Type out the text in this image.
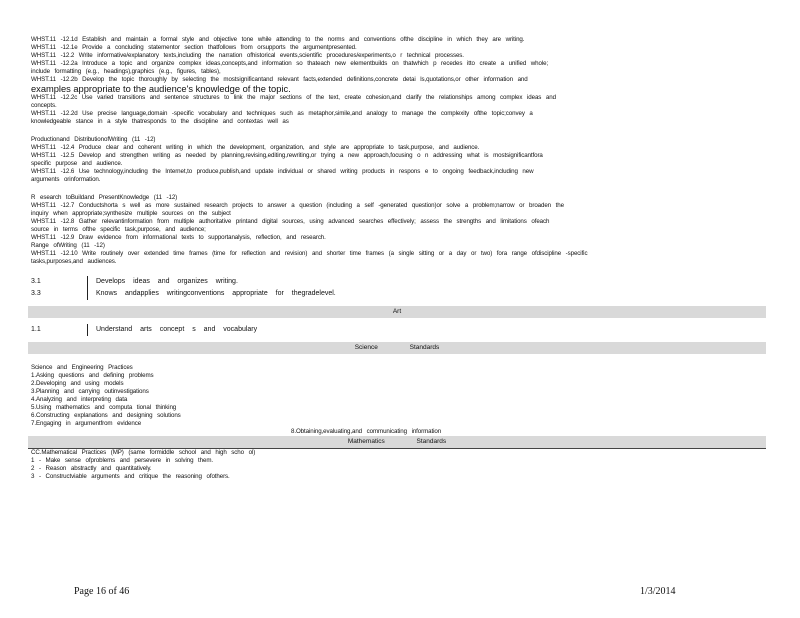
WHST.11 -12.1d Establish and maintain a formal style and objective tone while attending to the norms and conventions ofthe discipline in which they are writing.
WHST.11 -12.1e Provide a concluding statementor section thatfollows from orsupports the argumentpresented.
WHST.11 -12.2 Write informative/explanatory texts,including the narration ofhistorical events,scientific procedures/experiments,o r technical processes.
WHST.11 -12.2a Introduce a topic and organize complex ideas,concepts,and information so thateach new elementbuilds on thatwhich p recedes itto create a unified whole;
include formatting (e.g., headings),graphics (e.g., figures, tables),
WHST.11 -12.2b Develop the topic thoroughly by selecting the mostsignificantand relevant facts,extended definitions,concrete detai ls,quotations,or other information and
examples appropriate to the audience's knowledge of the topic.
WHST.11 -12.2c Use varied transitions and sentence structures to link the major sections of the text, create cohesion,and clarify the relationships among complex ideas and
concepts.
WHST.11 -12.2d Use precise language,domain -specific vocabulary and techniques such as metaphor,simile,and analogy to manage the complexity ofthe topic;convey a
knowledgeable stance in a style thatresponds to the discipline and contextas well as
Productionand DistributionofWriting (11 -12)
WHST.11 -12.4 Produce clear and coherent writing in which the development, organization, and style are appropriate to task,purpose, and audience.
WHST.11 -12.5 Develop and strengthen writing as needed by planning,revising,editing,rewriting,or trying a new approach,focusing o n addressing what is mostsignificantfora
specific purpose and audience.
WHST.11 -12.6 Use technology,including the Internet,to produce,publish,and update individual or shared writing products in respons e to ongoing feedback,including new
arguments orinformation.
R esearch toBuildand PresentKnowledge (11 -12)
WHST.11 -12.7 Conductshorta s well as more sustained research projects to answer a question (including a self -generated question)or solve a problem;narrow or broaden the
inquiry when appropriate;synthesize multiple sources on the subject
WHST.11 -12.8 Gather relevantinformation from multiple authoritative printand digital sources, using advanced searches effectively; assess the strengths and limitations ofeach
source in terms ofthe specific task,purpose, and audience;
WHST.11 -12.9 Draw evidence from informational texts to supportanalysis, reflection, and research.
Range ofWriting (11 -12)
WHST.11 -12.10 Write routinely over extended time frames (time for reflection and revision) and shorter time frames (a single sitting or a day or two) fora range ofdiscipline -specific
tasks,purposes,and audiences.
3.1	Develops ideas and organizes writing.
3.3	Knows andapplies writingconventions appropriate for thegradelevel.
Art
1.1	Understand arts concept s and vocabulary
Science	Standards
Science and Engineering Practices
1.Asking questions and defining problems
2.Developing and using models
3.Planning and carrying outinvestigations
4.Analyzing and interpreting data
5.Using mathematics and computa tional thinking
6.Constructing explanations and designing solutions
7.Engaging in argumentfrom evidence
8.Obtaining,evaluating,and communicating information
Mathematics	Standards
CC.Mathematical Practices (MP) (same formiddle school and high scho ol)
1 - Make sense ofproblems and persevere in solving them.
2 - Reason abstractly and quantitatively.
3 - Constructviable arguments and critique the reasoning ofothers.
Page 16 of 46	1/3/2014
